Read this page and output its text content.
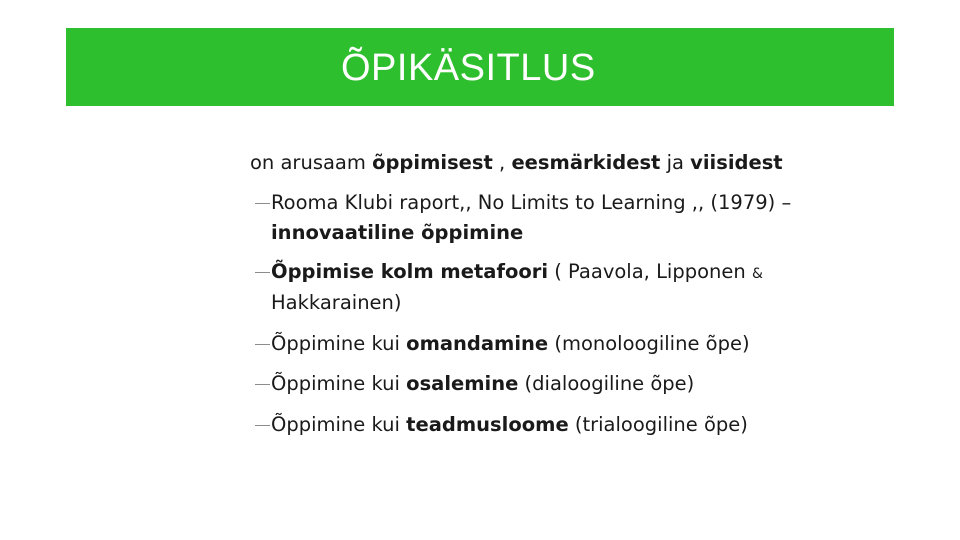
ÕPIKÄSITLUS
on arusaam õppimisest , eesmärkidest ja viisidest
Rooma Klubi raport,, No Limits to Learning ,, (1979) –
innovaatiline õppimine
Õppimise kolm metafoori ( Paavola, Lipponen &
Hakkarainen)
Õppimine kui omandamine (monoloogiline õpe)
Õppimine kui osalemine (dialoogiline õpe)
Õppimine kui teadmusloome (trialoogiline õpe)
